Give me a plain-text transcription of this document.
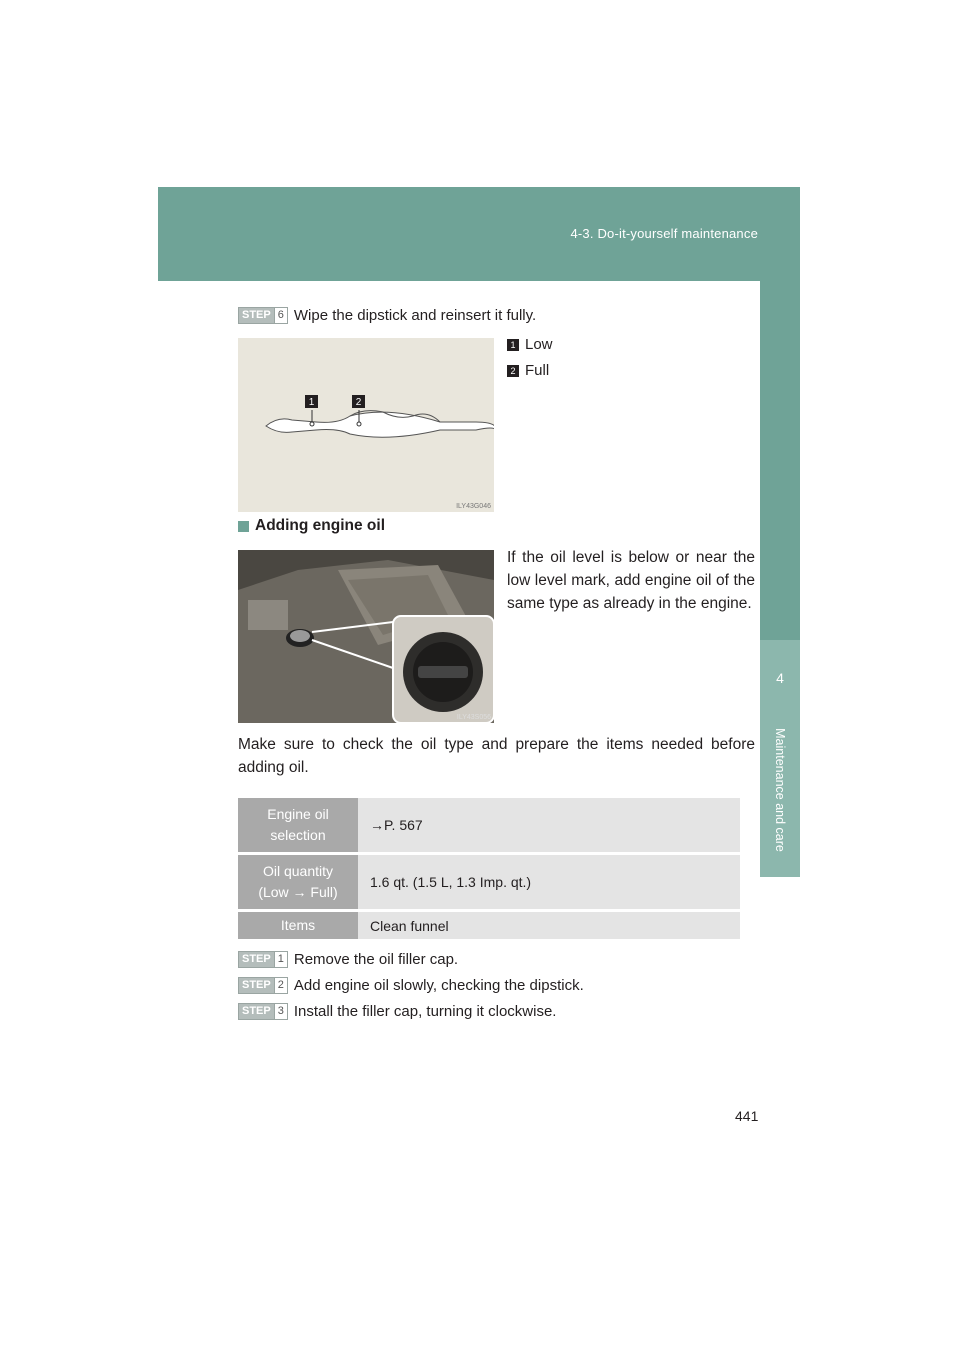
4-3. Do-it-yourself maintenance
4
Maintenance and care
STEP 6 Wipe the dipstick and reinsert it fully.
1	2
ILY43G046
1 Low
2 Full
Adding engine oil
ILY43S056
If the oil level is below or near the low level mark, add engine oil of the same type as already in the engine.
Make sure to check the oil type and prepare the items needed before adding oil.
Engine oil selection	→P. 567
Oil quantity (Low → Full)	1.6 qt. (1.5 L, 1.3 Imp. qt.)
Items	Clean funnel
STEP 1 Remove the oil filler cap.
STEP 2 Add engine oil slowly, checking the dipstick.
STEP 3 Install the filler cap, turning it clockwise.
441
